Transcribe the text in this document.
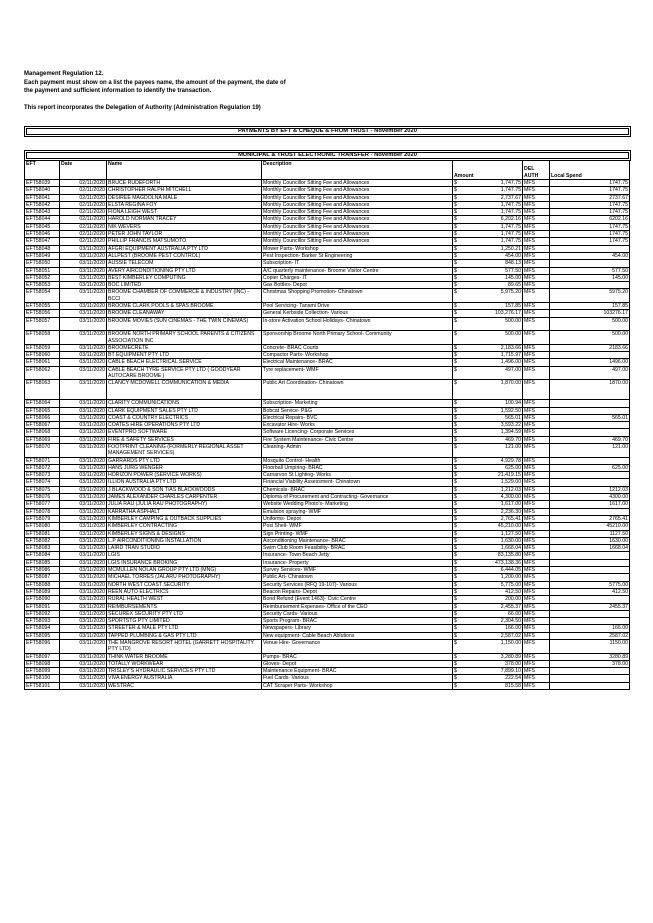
Management Regulation 12.

Each payment must show on a list the payees name, the amount of the payment, the date of

the payment and sufficient information to identify the transaction.

This report incorporates the Delegation of Authority (Administration Regulation 19)

PAYMENTS BY EFT & CHEQUE & FROM TRUST - November 2020
MUNICIPAL & TRUST ELECTRONIC TRANSFER - November 2020
EFT	Date	Name	Description	Amount		DEL
AUTH	Local Spend
EFT58039	02/11/2020	BRUCE RUDEFORTH	Monthly Councillor Sitting Fee and Allowances	$	1,747.75	MFS	1747.75
EFT58040	02/11/2020	CHRISTOPHER RALPH MITCHELL	Monthly Councillor Sitting Fee and Allowances	$	1,747.75	MFS	1747.75
EFT58041	02/11/2020	DESIREE MAGDOLNA MALE	Monthly Councillor Sitting Fee and Allowances	$	2,737.67	MFS	2737.67
EFT58042	02/11/2020	ELSTA REGINA FOY	Monthly Councillor Sitting Fee and Allowances	$	1,747.75	MFS	1747.75
EFT58043	02/11/2020	FIONA LEIGH WEST	Monthly Councillor Sitting Fee and Allowances	$	1,747.75	MFS	1747.75
EFT58044	02/11/2020	HAROLD NORMAN TRACEY	Monthly Councillor Sitting Fee and Allowances	$	6,202.16	MFS	6202.16
EFT58045	02/11/2020	NIK WEVERS	Monthly Councillor Sitting Fee and Allowances	$	1,747.75	MFS	1747.75
EFT58046	02/11/2020	PETER JOHN TAYLOR	Monthly Councillor Sitting Fee and Allowances	$	1,747.75	MFS	1747.75
EFT58047	02/11/2020	PHILLIP FRANCIS MATSUMOTO	Monthly Councillor Sitting Fee and Allowances	$	1,747.75	MFS	1747.75
EFT58048	03/11/2020	AFGRI EQUIPMENT AUSTRALIA PTY LTD	Mower Parts- Workshop	$	1,250.21	MFS	
EFT58049	03/11/2020	ALLPEST (BROOME PEST CONTROL)	Pest Inspection- Barker St Engineering	$	454.00	MFS	454.00
EFT58050	03/11/2020	AUSSIE TELECOM	Subscription- IT	$	848.13	MFS	
EFT58051	03/11/2020	AVERY AIRCONDITIONING PTY LTD	A/C quarterly maintenance- Broome Visitor Centre	$	577.50	MFS	577.50
EFT58052	03/11/2020	BEST KIMBERLEY COMPUTING	Copier Charges- IT	$	145.00	MFS	145.00
EFT58053	03/11/2020	BOC LIMITED	Gas Bottles- Depot	$	89.65	MFS	
EFT58054	03/11/2020	BROOME CHAMBER OF COMMERCE & INDUSTRY (INC) - BCCI	Christmas Shopping Promotion- Chinatown	$	5,975.20	MFS	5975.20
EFT58055	03/11/2020	BROOME CLARK POOLS & SPAS BROOME	Pool Servicing- Tanami Drive	$	157.85	MFS	157.85
EFT58056	03/11/2020	BROOME CLEANAWAY	General Kerbside Collection- Various	$	103,276.17	MFS	103276.17
EFT58057	03/11/2020	BROOME MOVIES (SUN CINEMAS - THE TWIN CINEMAS)	In-store Activation School Holidays- Chinatown	$	500.00	MFS	500.00
EFT58058	03/11/2020	BROOME NORTH PRIMARY SCHOOL PARENTS & CITIZENS ASSOCIATION INC	Sponsorship Broome North Primary School- Community	$	500.00	MFS	500.00
EFT58059	03/11/2020	BROOMECRETE	Concrete- BRAC Courts	$	2,183.66	MFS	2183.66
EFT58060	03/11/2020	BT EQUIPMENT PTY LTD	Compactor Parts- Workshop	$	1,715.97	MFS	
EFT58061	03/11/2020	CABLE BEACH ELECTRICAL SERVICE	Electrical Maintenance- BRAC	$	1,496.00	MFS	1496.00
EFT58062	03/11/2020	CABLE BEACH TYRE SERVICE PTY LTD ( GOODYEAR AUTOCARE BROOME )	Tyre replacement- WMF	$	497.00	MFS	497.00
EFT58063	03/11/2020	CLANCY MCDOWELL COMMUNICATION & MEDIA	Public Art Coordination- Chinatown	$	1,870.00	MFS	1870.00
EFT58064	03/11/2020	CLARITY COMMUNICATIONS	Subscription- Marketing	$	100.94	MFS	
EFT58065	03/11/2020	CLARK EQUIPMENT SALES PTY LTD	Bobcat Service- P&G	$	1,592.50	MFS	
EFT58066	03/11/2020	COAST & COUNTRY ELECTRICS	Electrical Repairs- BVC	$	565.01	MFS	565.01
EFT58067	03/11/2020	COATES HIRE OPERATIONS PTY LTD	Excavator Hire- Works	$	3,593.22	MFS	
EFT58068	03/11/2020	EVENTPRO SOFTWARE	Software Licencing- Corporate Services	$	1,394.59	MFS	
EFT58069	03/11/2020	FIRE & SAFETY SERVICES	Fire System Maintenance- Civic Centre	$	469.70	MFS	469.70
EFT58070	03/11/2020	FOOTPRINT CLEANING (FORMERLY REGIONAL ASSET MANAGEMENT SERVICES)	Cleaning- Admin	$	121.00	MFS	121.00
EFT58071	03/11/2020	GARRARDS PTY LTD	Mosquito Control- Health	$	4,929.78	MFS	
EFT58072	03/11/2020	HANS JURG WENGER	Floorball Umpiring- BRAC	$	625.00	MFS	625.00
EFT58073	03/11/2020	HORIZON POWER (SERVICE WORKS)	Carnarvon St Lighting- Works	$	21,419.15	MFS	
EFT58074	03/11/2020	ILLION AUSTRALIA PTY LTD	Financial Viability Assessment- Chinatown	$	1,529.00	MFS	
EFT58075	03/11/2020	J BLACKWOOD & SON T/AS BLACKWOODS	Chemicals- BRAC	$	1,212.03	MFS	1212.03
EFT58076	03/11/2020	JAMES ALEXANDER CHARLES CARPENTER	Diploma of Procurement and Contracting- Governance	$	4,300.00	MFS	4300.00
EFT58077	03/11/2020	JULIA RAU (JULIA RAU PHOTOGRAPHY)	Website Wedding Photo's- Marketing	$	1,617.00	MFS	1617.00
EFT58078	03/11/2020	KARRATHA ASPHALT	Emulsion spraying- WMF	$	2,236.30	MFS	
EFT58079	03/11/2020	KIMBERLEY CAMPING & OUTBACK SUPPLIES	Uniforms- Depot	$	2,765.41	MFS	2765.41
EFT58080	03/11/2020	KIMBERLEY CONTRACTING	Posi Shell- WMF	$	45,210.00	MFS	45210.00
EFT58081	03/11/2020	KIMBERLEY SIGNS & DESIGNS	Sign Printing- WMF	$	1,127.50	MFS	1127.50
EFT58082	03/11/2020	L.P AIRCONDITIONING INSTALLATION	Airconditioning Maintenance- BRAC	$	1,630.00	MFS	1630.00
EFT58083	03/11/2020	LAIRD TRAN STUDIO	Swim Club Room Feasibility- BRAC	$	1,668.04	MFS	1668.04
EFT58084	03/11/2020	LGIS	Insurance- Town Beach Jetty	$	83,135.80	MFS	
EFT58085	03/11/2020	LGIS INSURANCE BROKING	Insurance- Property	$	473,138.36	MFS	
EFT58086	03/11/2020	MCMULLEN NOLAN GROUP PTY LTD (MNG)	Survey Services- WMF	$	6,444.05	MFS	
EFT58087	03/11/2020	MICHAEL TORRES (JALARU PHOTOGRAPHY)	Public Art- Chinatown	$	1,200.00	MFS	
EFT58088	03/11/2020	NORTH WEST COAST SECURITY	Security Services (RFQ 19-107)- Various	$	5,775.00	MFS	5775.00
EFT58089	03/11/2020	REEN AUTO ELECTRICS	Beacon Repairs- Depot	$	412.50	MFS	412.50
EFT58090	03/11/2020	RURAL HEALTH WEST	Bond Refund (Event 1463)- Civic Centre	$	200.00	MFS	
EFT58091	03/11/2020	REIMBURSEMENTS	Reimbursement Expenses- Office of the CEO	$	2,455.37	MFS	2455.37
EFT58092	03/11/2020	SECUREX SECURITY PTY LTD	Security Cards- Various	$	66.00	MFS	
EFT58093	03/11/2020	SPORTSTG PTY LIMITED	Sports Program- BRAC	$	2,304.50	MFS	
EFT58094	03/11/2020	STREETER & MALE PTY LTD	Newspapers- Library	$	166.00	MFS	166.00
EFT58095	03/11/2020	TAPPED PLUMBING & GAS PTY LTD	New equipment- Cable Beach Ablutions	$	2,587.02	MFS	2587.02
EFT58096	03/11/2020	THE MANGROVE RESORT HOTEL (GARRETT HOSPITALITY PTY LTD)	Venue Hire- Governance	$	1,150.00	MFS	1150.00
EFT58097	03/11/2020	THINK WATER BROOME	Pumps- BRAC	$	3,280.89	MFS	3280.89
EFT58098	03/11/2020	TOTALLY WORKWEAR	Gloves- Depot	$	378.00	MFS	378.00
EFT58099	03/11/2020	TRISLEY'S HYDRAULIC SERVICES PTY LTD	Maintenance Equipment- BRAC	$	7,899.10	MFS	
EFT58100	03/11/2020	VIVA ENERGY AUSTRALIA	Fuel Cards- Various	$	222.54	MFS	
EFT58101	03/11/2020	WESTRAC	CAT Scraper Parts- Workshop	$	815.58	MFS	
